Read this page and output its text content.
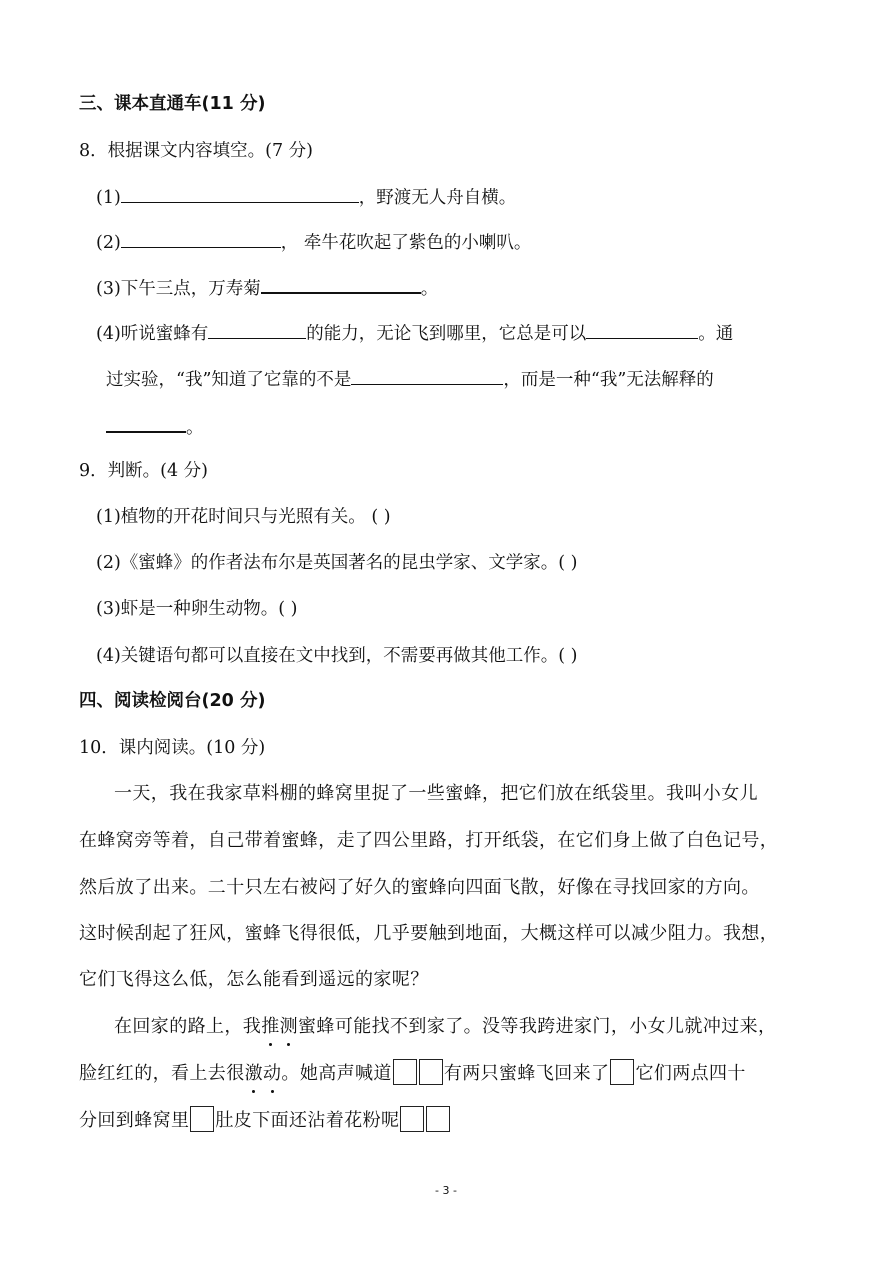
三、课本直通车(11 分)
8．根据课文内容填空。(7 分)
(1)	，野渡无人舟自横。
(2)	， 牵牛花吹起了紫色的小喇叭。
(3)下午三点，万寿菊	。
(4)听说蜜蜂有	的能力，无论飞到哪里，它总是可以	。通
过实验，“我”知道了它靠的不是	，而是一种“我”无法解释的
。
9．判断。(4 分)
(1)植物的开花时间只与光照有关。 ( )
(2)《蜜蜂》的作者法布尔是英国著名的昆虫学家、文学家。( )
(3)虾是一种卵生动物。( )
(4)关键语句都可以直接在文中找到，不需要再做其他工作。( )
四、阅读检阅台(20 分)
10．课内阅读。(10 分)
一天，我在我家草料棚的蜂窝里捉了一些蜜蜂，把它们放在纸袋里。我叫小女儿
在蜂窝旁等着，自己带着蜜蜂，走了四公里路，打开纸袋，在它们身上做了白色记号，
然后放了出来。二十只左右被闷了好久的蜜蜂向四面飞散，好像在寻找回家的方向。
这时候刮起了狂风，蜜蜂飞得很低，几乎要触到地面，大概这样可以减少阻力。我想，
它们飞得这么低，怎么能看到遥远的家呢？
在回家的路上，我推测蜜蜂可能找不到家了。没等我跨进家门，小女儿就冲过来，
脸红红的，看上去很激动。她高声喊道	有两只蜜蜂飞回来了 它们两点四十
分回到蜂窝里 肚皮下面还沾着花粉呢
- 3 -
